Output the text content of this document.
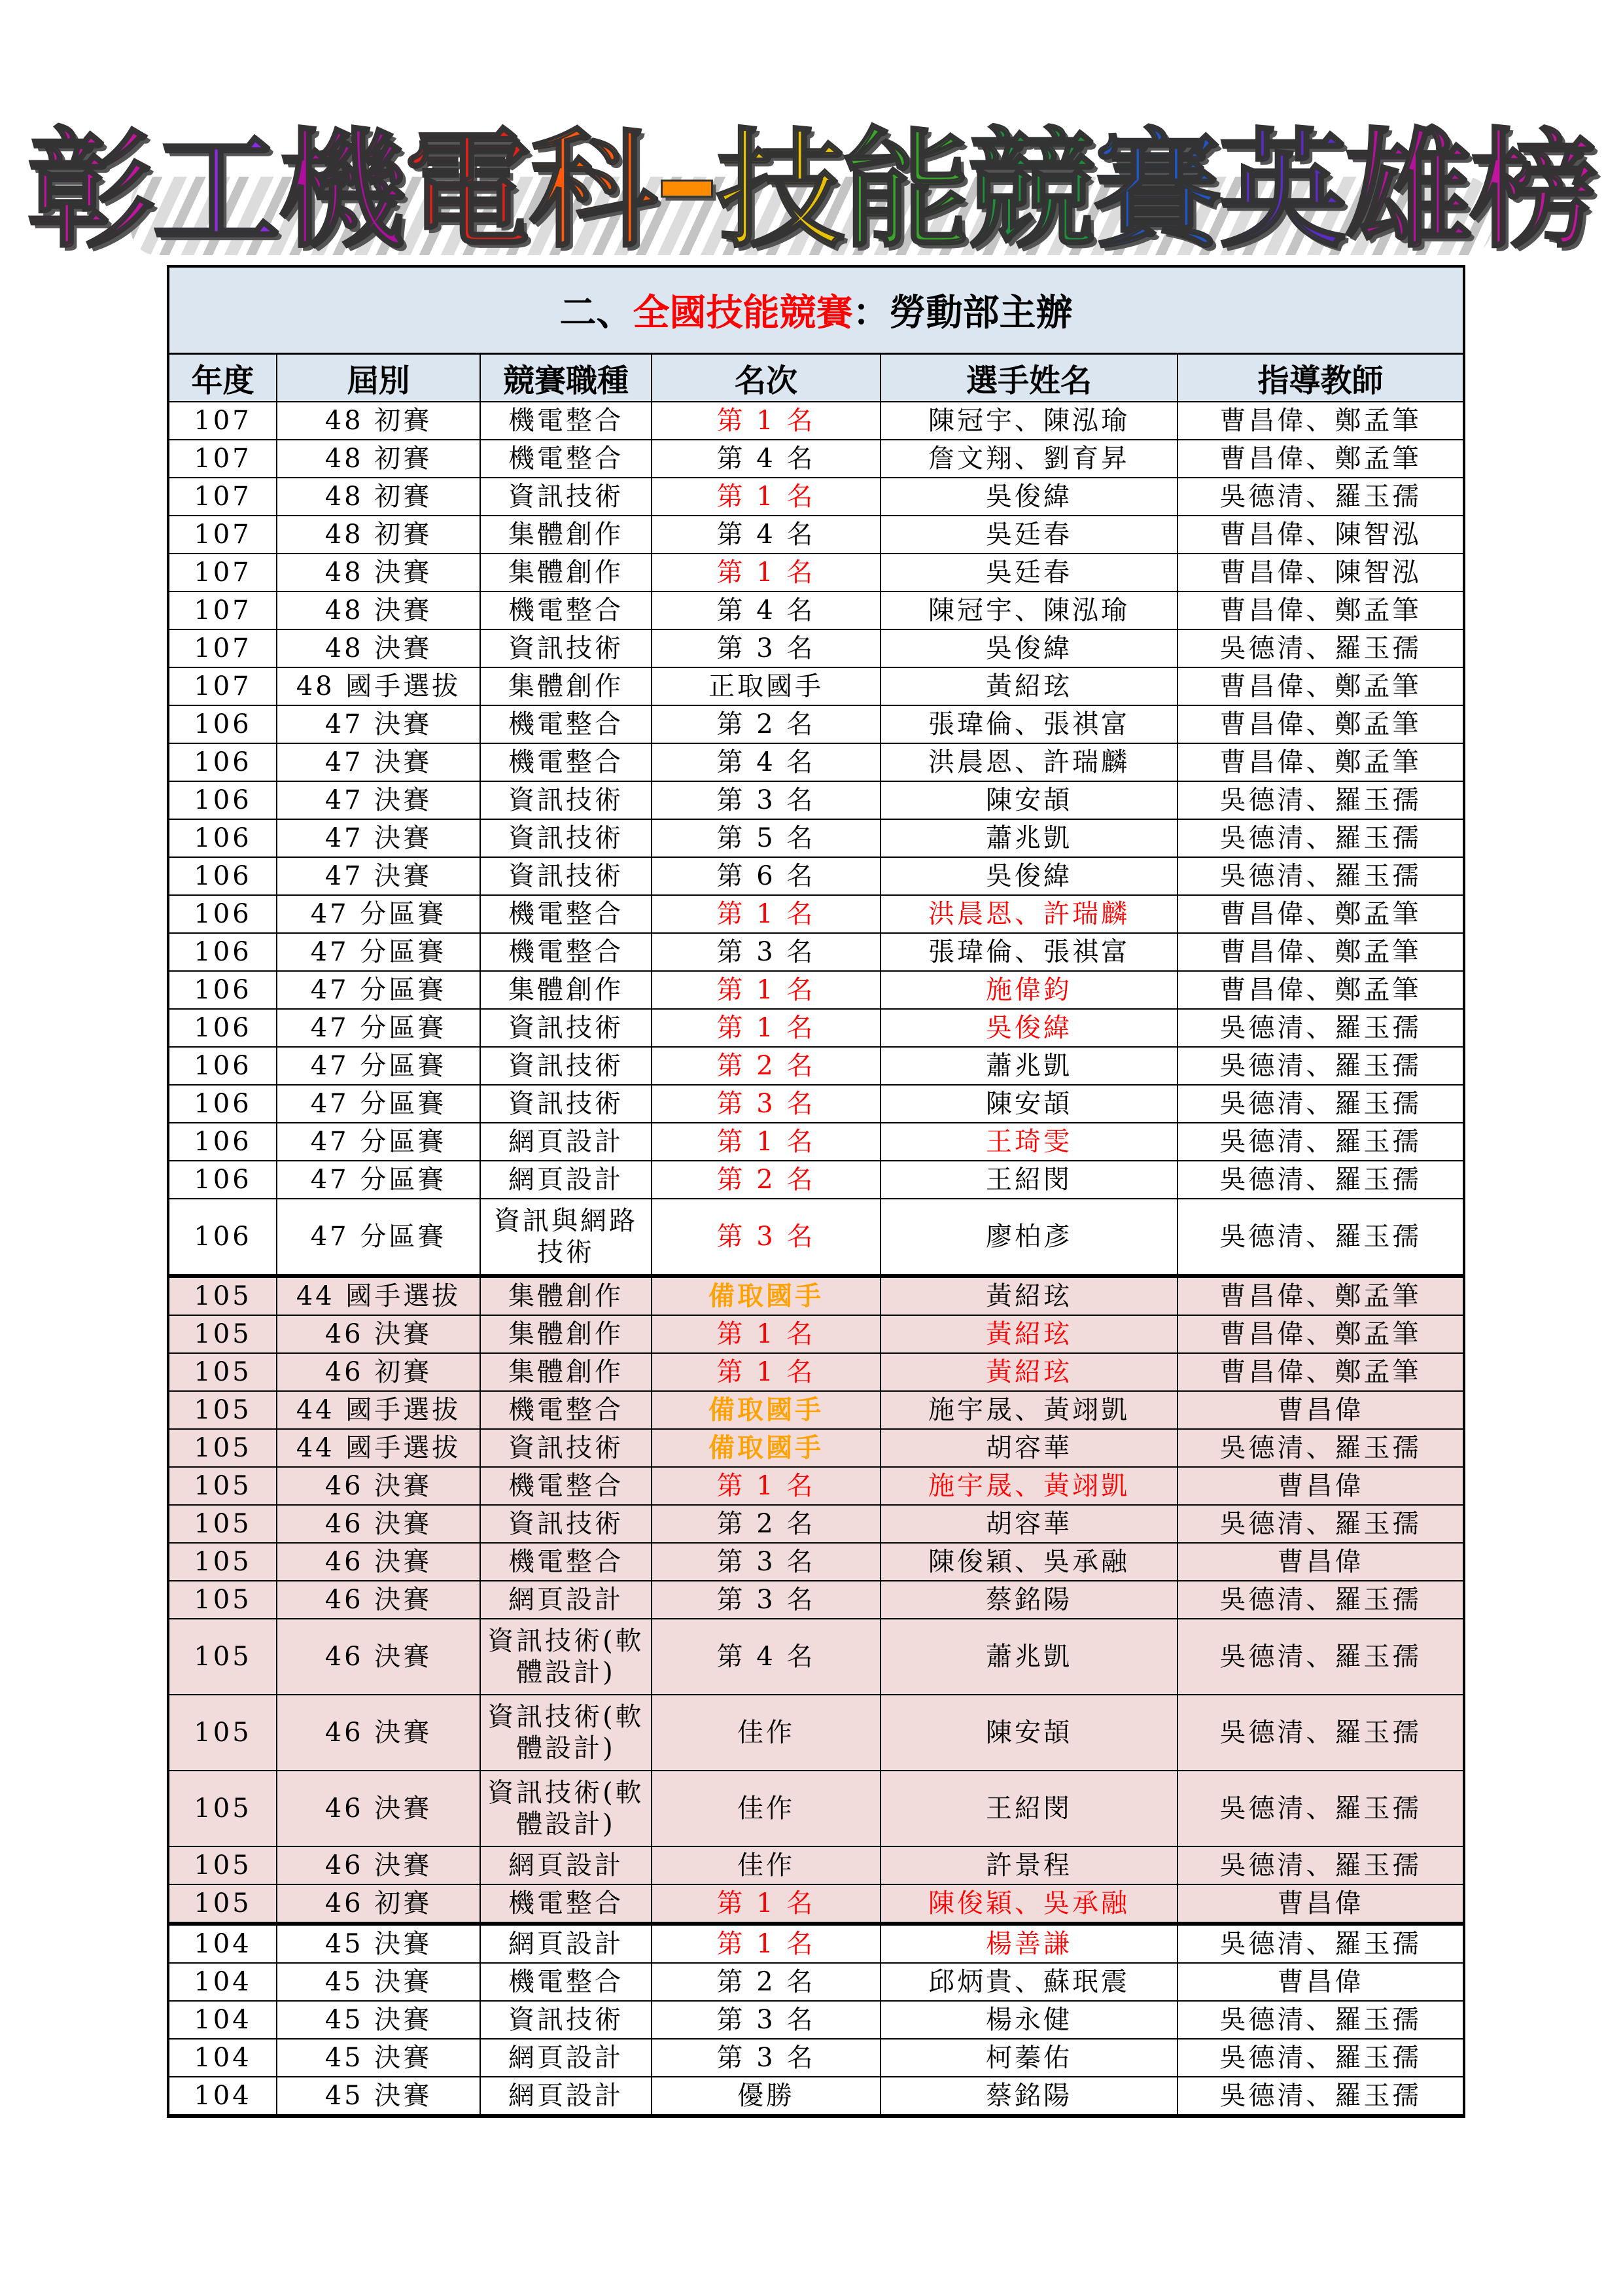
彰 工 機 電 科 – 技 能 競 賽 英 雄 榜
二、 全國技能競賽 ：勞動部主辦
年度	屆別	競賽職種	名次	選手姓名	指導教師
107	48 初賽	機電整合	第 1 名	陳冠宇、陳泓瑜	曹昌偉、鄭孟筆
107	48 初賽	機電整合	第 4 名	詹文翔、劉育昇	曹昌偉、鄭孟筆
107	48 初賽	資訊技術	第 1 名	吳俊緯	吳德清、羅玉孺
107	48 初賽	集體創作	第 4 名	吳廷春	曹昌偉、陳智泓
107	48 決賽	集體創作	第 1 名	吳廷春	曹昌偉、陳智泓
107	48 決賽	機電整合	第 4 名	陳冠宇、陳泓瑜	曹昌偉、鄭孟筆
107	48 決賽	資訊技術	第 3 名	吳俊緯	吳德清、羅玉孺
107	48 國手選拔	集體創作	正取國手	黃紹玹	曹昌偉、鄭孟筆
106	47 決賽	機電整合	第 2 名	張瑋倫、張祺富	曹昌偉、鄭孟筆
106	47 決賽	機電整合	第 4 名	洪晨恩、許瑞麟	曹昌偉、鄭孟筆
106	47 決賽	資訊技術	第 3 名	陳安頡	吳德清、羅玉孺
106	47 決賽	資訊技術	第 5 名	蕭兆凱	吳德清、羅玉孺
106	47 決賽	資訊技術	第 6 名	吳俊緯	吳德清、羅玉孺
106	47 分區賽	機電整合	第 1 名	洪晨恩、許瑞麟	曹昌偉、鄭孟筆
106	47 分區賽	機電整合	第 3 名	張瑋倫、張祺富	曹昌偉、鄭孟筆
106	47 分區賽	集體創作	第 1 名	施偉鈞	曹昌偉、鄭孟筆
106	47 分區賽	資訊技術	第 1 名	吳俊緯	吳德清、羅玉孺
106	47 分區賽	資訊技術	第 2 名	蕭兆凱	吳德清、羅玉孺
106	47 分區賽	資訊技術	第 3 名	陳安頡	吳德清、羅玉孺
106	47 分區賽	網頁設計	第 1 名	王琦雯	吳德清、羅玉孺
106	47 分區賽	網頁設計	第 2 名	王紹閔	吳德清、羅玉孺
106	47 分區賽	資訊與網路技術	第 3 名	廖柏彥	吳德清、羅玉孺
105	44 國手選拔	集體創作	備取國手	黃紹玹	曹昌偉、鄭孟筆
105	46 決賽	集體創作	第 1 名	黃紹玹	曹昌偉、鄭孟筆
105	46 初賽	集體創作	第 1 名	黃紹玹	曹昌偉、鄭孟筆
105	44 國手選拔	機電整合	備取國手	施宇晟、黃翊凱	曹昌偉
105	44 國手選拔	資訊技術	備取國手	胡容華	吳德清、羅玉孺
105	46 決賽	機電整合	第 1 名	施宇晟、黃翊凱	曹昌偉
105	46 決賽	資訊技術	第 2 名	胡容華	吳德清、羅玉孺
105	46 決賽	機電整合	第 3 名	陳俊穎、吳承融	曹昌偉
105	46 決賽	網頁設計	第 3 名	蔡銘陽	吳德清、羅玉孺
105	46 決賽	資訊技術(軟體設計)	第 4 名	蕭兆凱	吳德清、羅玉孺
105	46 決賽	資訊技術(軟體設計)	佳作	陳安頡	吳德清、羅玉孺
105	46 決賽	資訊技術(軟體設計)	佳作	王紹閔	吳德清、羅玉孺
105	46 決賽	網頁設計	佳作	許景程	吳德清、羅玉孺
105	46 初賽	機電整合	第 1 名	陳俊穎、吳承融	曹昌偉
104	45 決賽	網頁設計	第 1 名	楊善謙	吳德清、羅玉孺
104	45 決賽	機電整合	第 2 名	邱炳貴、蘇珉震	曹昌偉
104	45 決賽	資訊技術	第 3 名	楊永健	吳德清、羅玉孺
104	45 決賽	網頁設計	第 3 名	柯蓁佑	吳德清、羅玉孺
104	45 決賽	網頁設計	優勝	蔡銘陽	吳德清、羅玉孺
